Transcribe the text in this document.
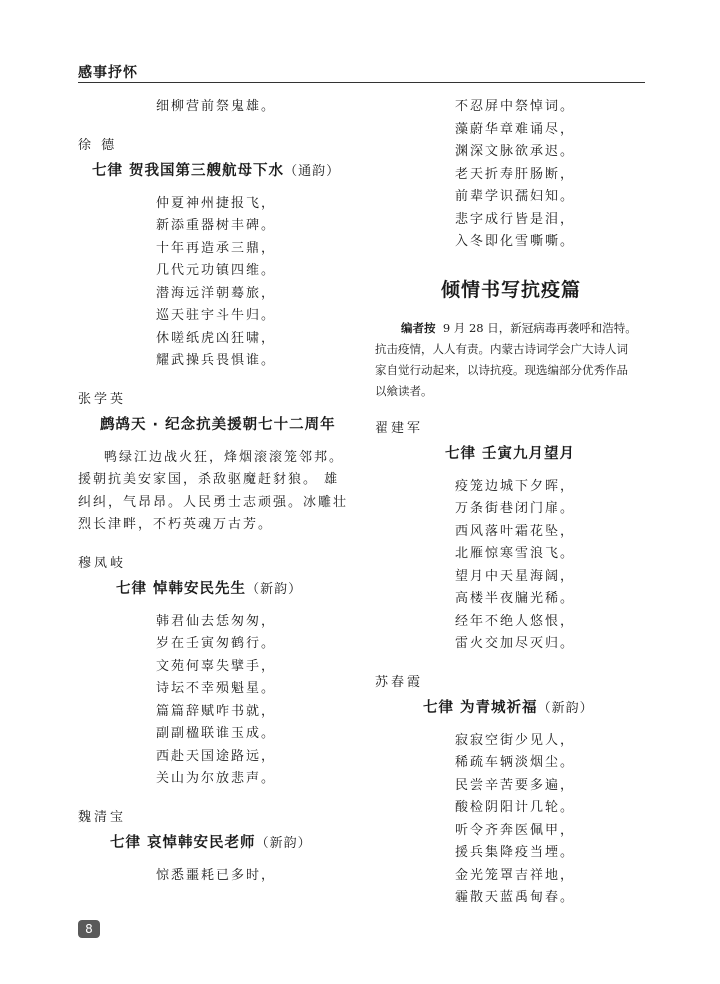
感事抒怀
细柳营前祭鬼雄。
徐 德
七律 贺我国第三艘航母下水（通韵）
仲夏神州捷报飞，
新添重器树丰碑。
十年再造承三鼎，
几代元功镇四维。
潜海远洋朝蓦旅，
巡天驻宇斗牛归。
休嗟纸虎凶狂啸，
耀武操兵畏惧谁。
张学英
鹧鸪天 · 纪念抗美援朝七十二周年
鸭绿江边战火狂，烽烟滚滚笼邻邦。
援朝抗美安家国，杀敌驱魔赶豺狼。 雄
纠纠，气昂昂。人民勇士志顽强。冰雕壮
烈长津畔，不朽英魂万古芳。
穆凤岐
七律 悼韩安民先生（新韵）
韩君仙去恁匆匆，
岁在壬寅匆鹤行。
文苑何辜失擘手，
诗坛不幸殒魁星。
篇篇辞赋咋书就，
副副楹联谁玉成。
西赴天国途路远，
关山为尔放悲声。
魏清宝
七律 哀悼韩安民老师（新韵）
惊悉噩耗已多时，
不忍屏中祭悼词。
藻蔚华章难诵尽，
渊深文脉欲承迟。
老天折寿肝肠断，
前辈学识孺妇知。
悲字成行皆是泪，
入冬即化雪嘶嘶。
倾情书写抗疫篇
编者按 9 月 28 日，新冠病毒再袭呼和浩特。
抗击疫情，人人有责。内蒙古诗词学会广大诗人词
家自觉行动起来，以诗抗疫。现选编部分优秀作品
以飨读者。
翟建军
七律 壬寅九月望月
疫笼边城下夕晖，
万条街巷闭门扉。
西风落叶霜花坠，
北雁惊寒雪浪飞。
望月中天星海阔，
高楼半夜牖光稀。
经年不绝人悠恨，
雷火交加尽灭归。
苏春霞
七律 为青城祈福（新韵）
寂寂空街少见人，
稀疏车辆淡烟尘。
民尝辛苦要多遍，
酸检阴阳计几轮。
听令齐奔医佩甲，
援兵集降疫当堙。
金光笼罩吉祥地，
霾散天蓝禹甸春。
8
